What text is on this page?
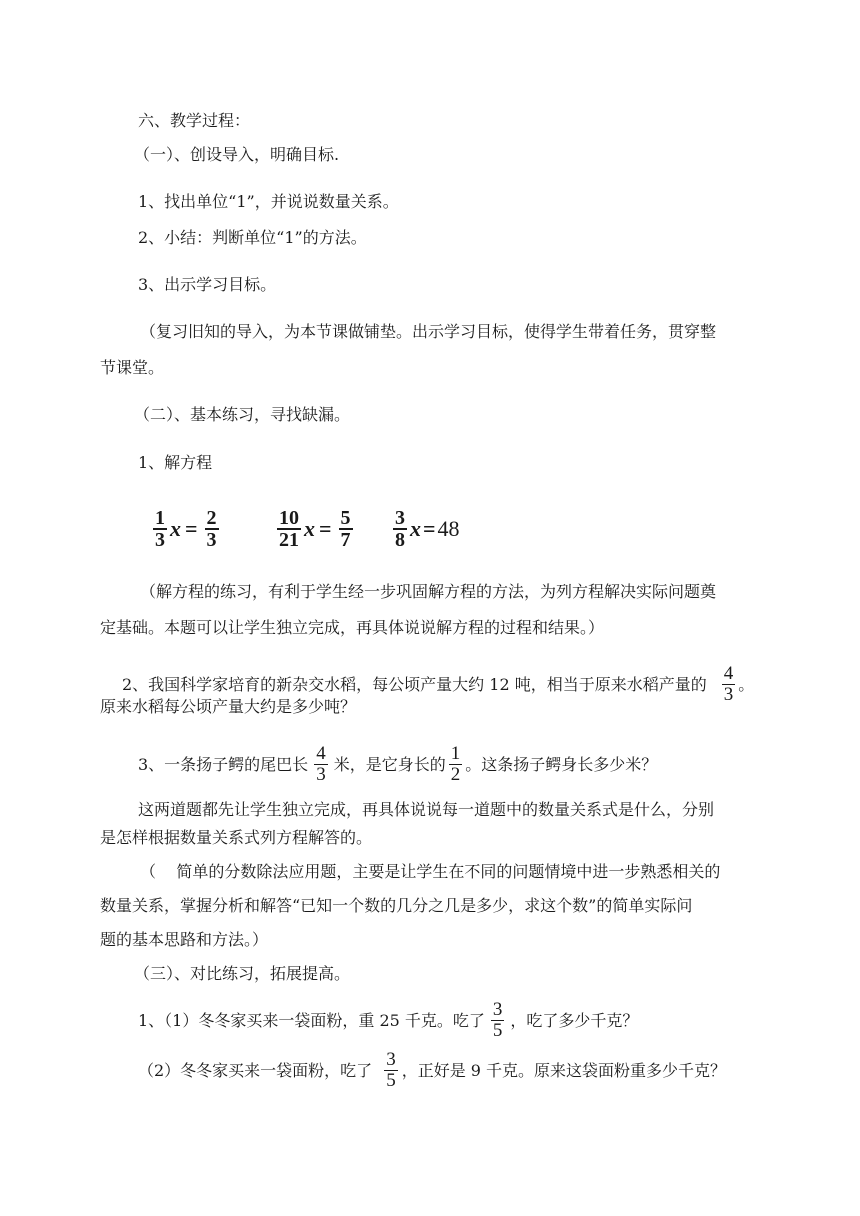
六、教学过程：
（一）、创设导入，明确目标.
1、找出单位“1”，并说说数量关系。
2、小结：判断单位“1”的方法。
3、出示学习目标。
（复习旧知的导入，为本节课做铺垫。出示学习目标，使得学生带着任务，贯穿整
节课堂。
（二）、基本练习，寻找缺漏。
1、解方程
$\frac{1}{3}$ $x = \frac{2}{3}$	$\frac{10}{21}$ $x = \frac{5}{7} \frac{3}{8}$ x = 48
（解方程的练习，有利于学生经一步巩固解方程的方法，为列方程解决实际问题奠
定基础。本题可以让学生独立完成，再具体说说解方程的过程和结果。）
2、我国科学家培育的新杂交水稻，每公顷产量大约 12 吨，相当于原来水稻产量的 $\frac{4}{3}$ 。
原来水稻每公顷产量大约是多少吨？
3、一条扬子鳄的尾巴长 $\frac{4}{3}$ 米，是它身长的 $\frac{1}{2}$ 。这条扬子鳄身长多少米？
这两道题都先让学生独立完成，再具体说说每一道题中的数量关系式是什么，分别
是怎样根据数量关系式列方程解答的。
（    简单的分数除法应用题，主要是让学生在不同的问题情境中进一步熟悉相关的
数量关系，掌握分析和解答“已知一个数的几分之几是多少，求这个数”的简单实际问
题的基本思路和方法。）
（三）、对比练习，拓展提高。
1、（1）冬冬家买来一袋面粉，重 25 千克。吃了 $\frac{3}{5}$ ，吃了多少千克？
（2）冬冬家买来一袋面粉，吃了 $\frac{3}{5}$ ，正好是 9 千克。原来这袋面粉重多少千克？
